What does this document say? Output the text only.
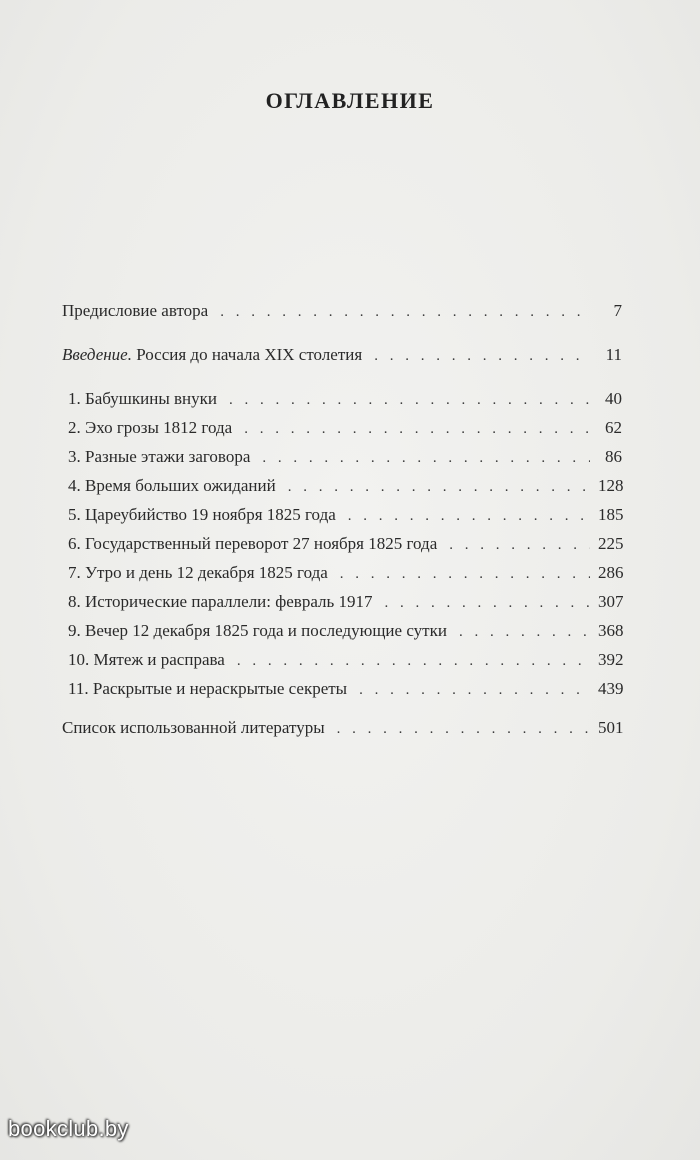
ОГЛАВЛЕНИЕ
Предисловие автора . . .	7
Введение. Россия до начала XIX столетия . . .	11
1. Бабушкины внуки . . .	40
2. Эхо грозы 1812 года . . .	62
3. Разные этажи заговора . . .	86
4. Время больших ожиданий . . .	128
5. Цареубийство 19 ноября 1825 года . . .	185
6. Государственный переворот 27 ноября 1825 года . . .	225
7. Утро и день 12 декабря 1825 года . . .	286
8. Исторические параллели: февраль 1917 . . .	307
9. Вечер 12 декабря 1825 года и последующие сутки . . .	368
10. Мятеж и расправа . . .	392
11. Раскрытые и нераскрытые секреты . . .	439
Список использованной литературы . . .	501
bookclub.by
